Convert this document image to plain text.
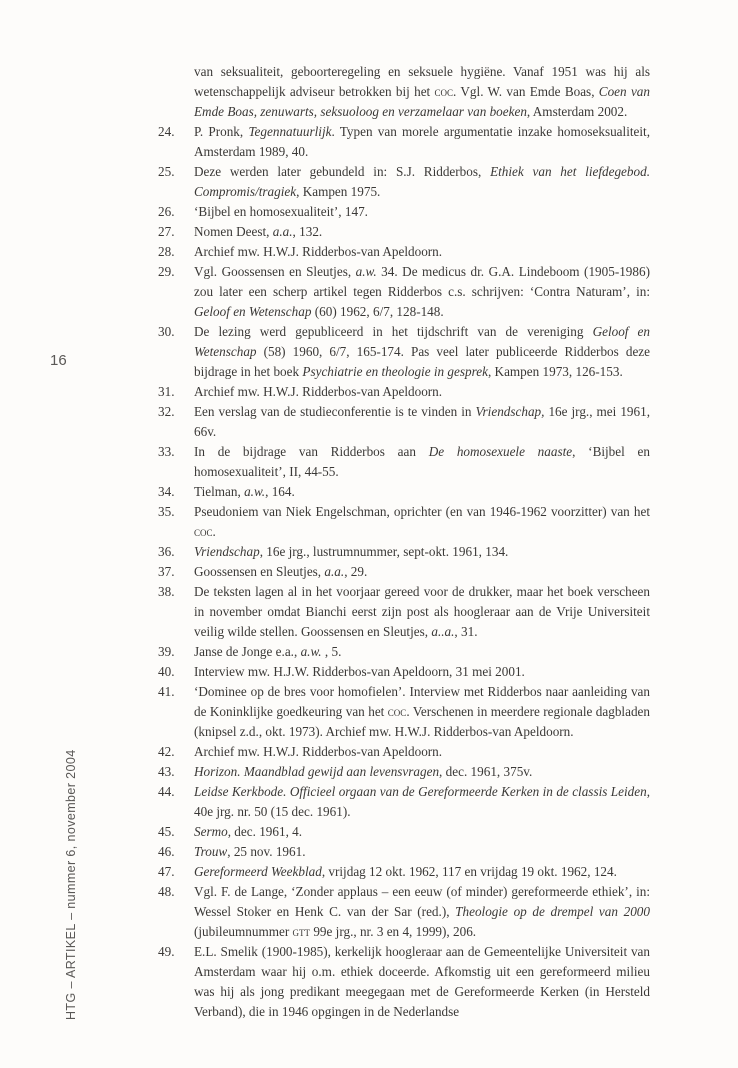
16
HTG – ARTIKEL – nummer 6, november 2004
van seksualiteit, geboorteregeling en seksuele hygiëne. Vanaf 1951 was hij als wetenschappelijk adviseur betrokken bij het coc. Vgl. W. van Emde Boas, Coen van Emde Boas, zenuwarts, seksuoloog en verzamelaar van boeken, Amsterdam 2002.
24. P. Pronk, Tegennatuurlijk. Typen van morele argumentatie inzake homoseksualiteit, Amsterdam 1989, 40.
25. Deze werden later gebundeld in: S.J. Ridderbos, Ethiek van het liefdegebod. Compromis/tragiek, Kampen 1975.
26. ‘Bijbel en homosexualiteit’, 147.
27. Nomen Deest, a.a., 132.
28. Archief mw. H.W.J. Ridderbos-van Apeldoorn.
29. Vgl. Goossensen en Sleutjes, a.w. 34. De medicus dr. G.A. Lindeboom (1905-1986) zou later een scherp artikel tegen Ridderbos c.s. schrijven: ‘Contra Naturam’, in: Geloof en Wetenschap (60) 1962, 6/7, 128-148.
30. De lezing werd gepubliceerd in het tijdschrift van de vereniging Geloof en Wetenschap (58) 1960, 6/7, 165-174. Pas veel later publiceerde Ridderbos deze bijdrage in het boek Psychiatrie en theologie in gesprek, Kampen 1973, 126-153.
31. Archief mw. H.W.J. Ridderbos-van Apeldoorn.
32. Een verslag van de studieconferentie is te vinden in Vriendschap, 16e jrg., mei 1961, 66v.
33. In de bijdrage van Ridderbos aan De homosexuele naaste, ‘Bijbel en homosexualiteit’, II, 44-55.
34. Tielman, a.w., 164.
35. Pseudoniem van Niek Engelschman, oprichter (en van 1946-1962 voorzitter) van het coc.
36. Vriendschap, 16e jrg., lustrumnummer, sept-okt. 1961, 134.
37. Goossensen en Sleutjes, a.a., 29.
38. De teksten lagen al in het voorjaar gereed voor de drukker, maar het boek verscheen in november omdat Bianchi eerst zijn post als hoogleraar aan de Vrije Universiteit veilig wilde stellen. Goossensen en Sleutjes, a..a., 31.
39. Janse de Jonge e.a., a.w. , 5.
40. Interview mw. H.J.W. Ridderbos-van Apeldoorn, 31 mei 2001.
41. ‘Dominee op de bres voor homofielen’. Interview met Ridderbos naar aanleiding van de Koninklijke goedkeuring van het coc. Verschenen in meerdere regionale dagbladen (knipsel z.d., okt. 1973). Archief mw. H.W.J. Ridderbos-van Apeldoorn.
42. Archief mw. H.W.J. Ridderbos-van Apeldoorn.
43. Horizon. Maandblad gewijd aan levensvragen, dec. 1961, 375v.
44. Leidse Kerkbode. Officieel orgaan van de Gereformeerde Kerken in de classis Leiden, 40e jrg. nr. 50 (15 dec. 1961).
45. Sermo, dec. 1961, 4.
46. Trouw, 25 nov. 1961.
47. Gereformeerd Weekblad, vrijdag 12 okt. 1962, 117 en vrijdag 19 okt. 1962, 124.
48. Vgl. F. de Lange, ‘Zonder applaus – een eeuw (of minder) gereformeerde ethiek’, in: Wessel Stoker en Henk C. van der Sar (red.), Theologie op de drempel van 2000 (jubileumnummer gtt 99e jrg., nr. 3 en 4, 1999), 206.
49. E.L. Smelik (1900-1985), kerkelijk hoogleraar aan de Gemeentelijke Universiteit van Amsterdam waar hij o.m. ethiek doceerde. Afkomstig uit een gereformeerd milieu was hij als jong predikant meegegaan met de Gereformeerde Kerken (in Hersteld Verband), die in 1946 opgingen in de Nederlandse
